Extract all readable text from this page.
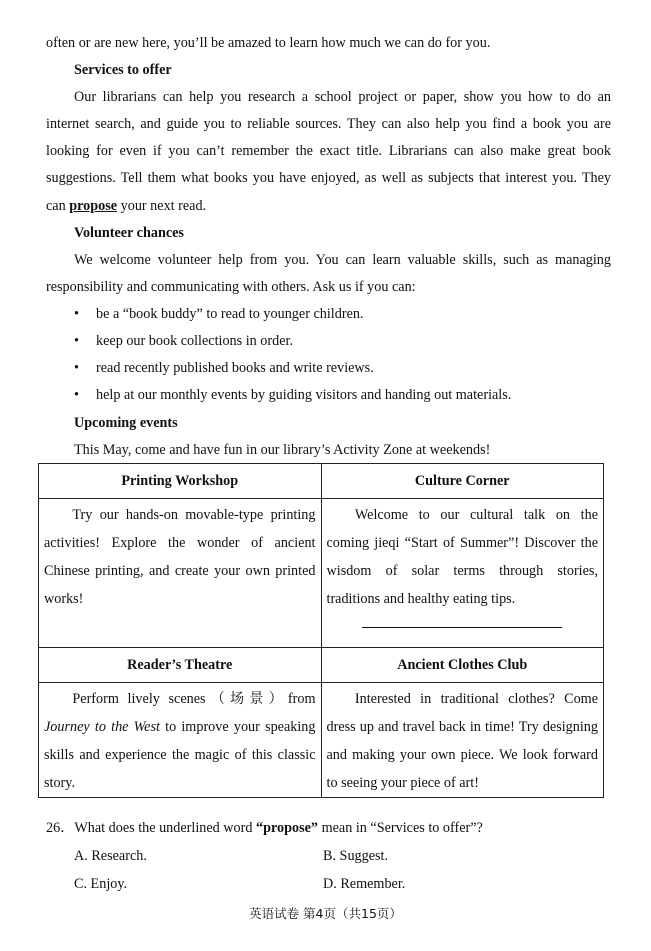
often or are new here, you’ll be amazed to learn how much we can do for you.
Services to offer
Our librarians can help you research a school project or paper, show you how to do an
internet search, and guide you to reliable sources. They can also help you find a book you are
looking for even if you can’t remember the exact title. Librarians can also make great book
suggestions. Tell them what books you have enjoyed, as well as subjects that interest you. They
can propose your next read.
Volunteer chances
We welcome volunteer help from you. You can learn valuable skills, such as managing
responsibility and communicating with others. Ask us if you can:
• be a “book buddy” to read to younger children.
• keep our book collections in order.
• read recently published books and write reviews.
• help at our monthly events by guiding visitors and handing out materials.
Upcoming events
This May, come and have fun in our library’s Activity Zone at weekends!
Printing Workshop	Culture Corner

Try our hands-on movable-type printing activities! Explore the wonder of ancient Chinese printing, and create your own printed works!	Welcome to our cultural talk on the coming jieqi “Start of Summer”! Discover the wisdom of solar terms through stories, traditions and healthy eating tips.

Reader’s Theatre	Ancient Clothes Club

Perform lively scenes（场景）from Journey to the West to improve your speaking skills and experience the magic of this classic story.	Interested in traditional clothes? Come dress up and travel back in time! Try designing and making your own piece. We look forward to seeing your piece of art!
26．What does the underlined word “propose” mean in “Services to offer”?
A. Research.	B. Suggest.
C. Enjoy.	D. Remember.
英语试卷 第4页（共15页）
